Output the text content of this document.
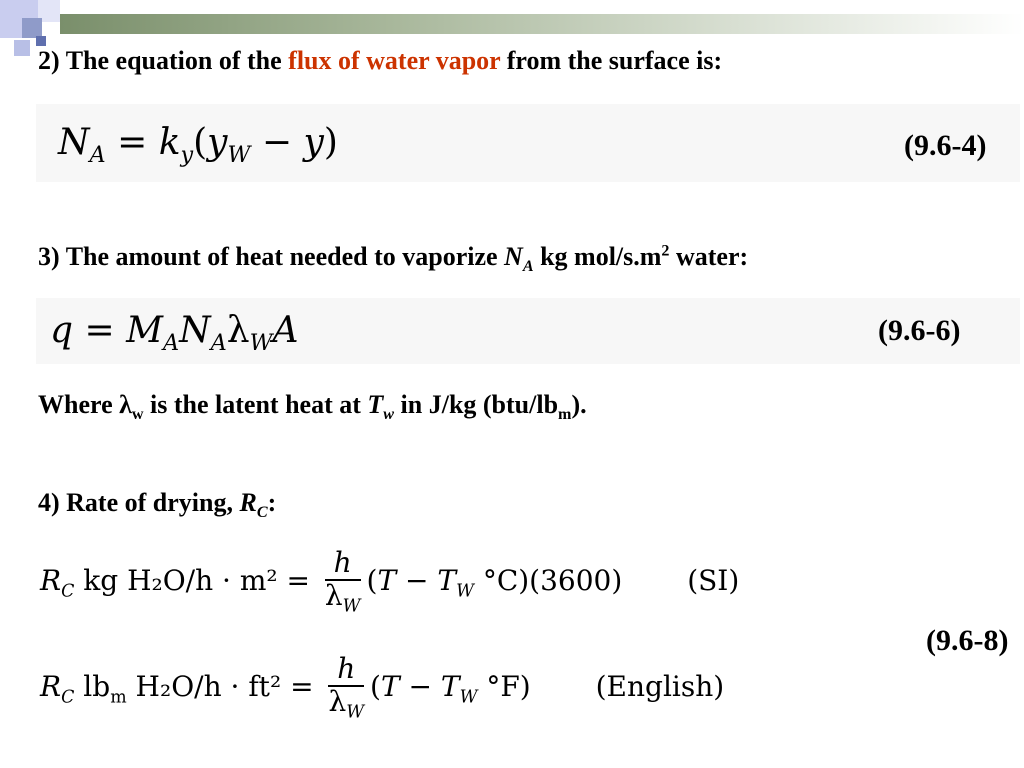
2) The equation of the flux of water vapor from the surface is:
$N_A = k_y(y_W - y)$	(9.6-4)
3) The amount of heat needed to vaporize $N_A$ kg mol/$s.m^2$ water:
$q = M_AN_A\lambda_WA$	(9.6-6)
Where $\lambda_w$ is the latent heat at $T_w$ in J/kg $(btu/lb_m)$.
4) Rate of drying, $R_C$:
$R_C$ kg $H_2O/h \cdot m^2 = \frac{h}{\lambda_W} (T - T_W$ °C)(3600) (SI)
(9.6-8)
$R_C$ $lb_m$ $H_2O/h \cdot ft^2 = \frac{h}{\lambda_W} (T - T_W$ °F) (English)
